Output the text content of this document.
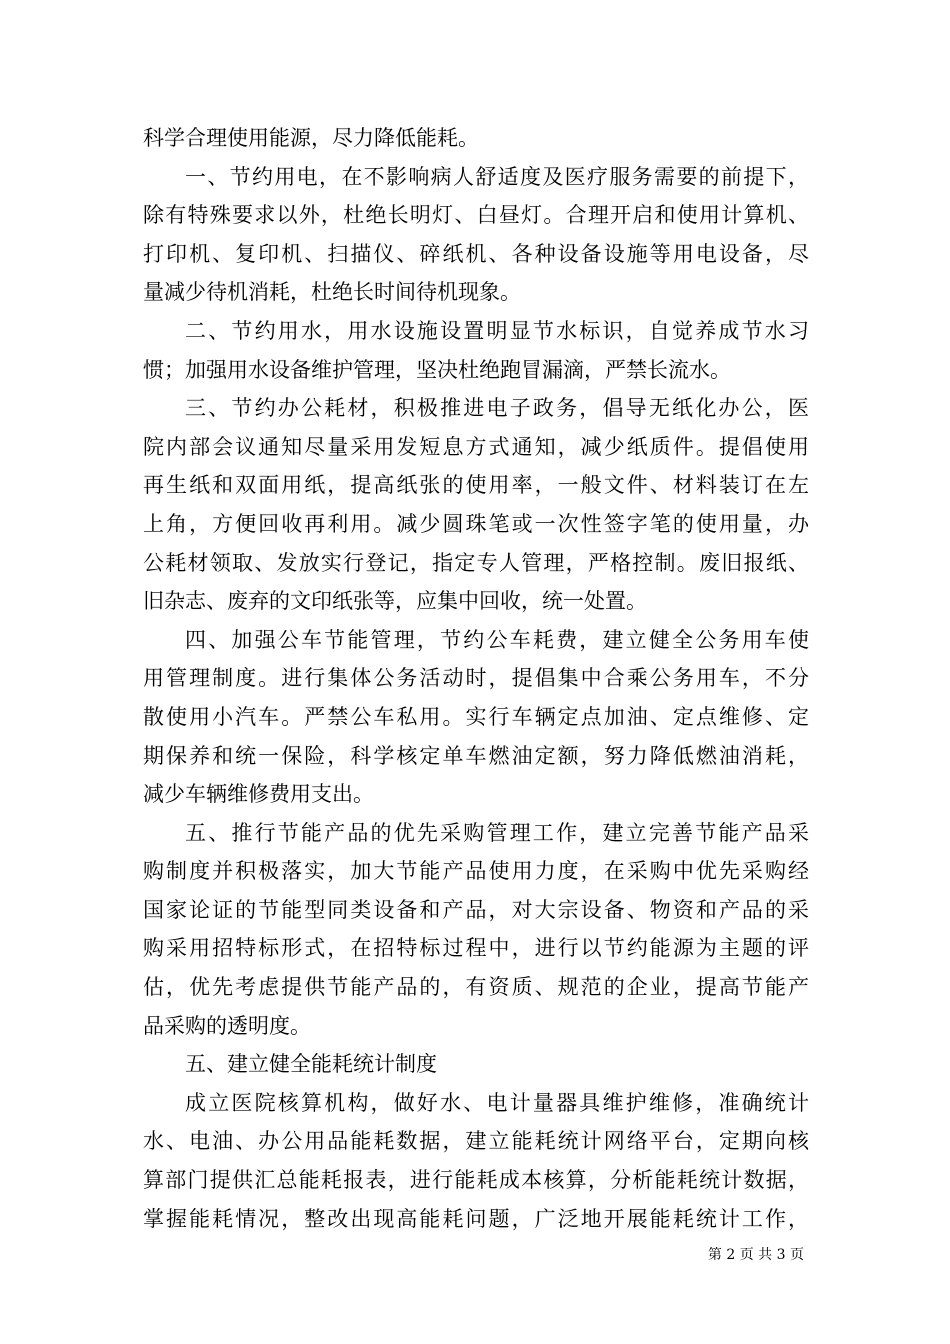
科学合理使用能源，尽力降低能耗。
一、节约用电，在不影响病人舒适度及医疗服务需要的前提下，
除有特殊要求以外，杜绝长明灯、白昼灯。合理开启和使用计算机、
打印机、复印机、扫描仪、碎纸机、各种设备设施等用电设备，尽
量减少待机消耗，杜绝长时间待机现象。
二、节约用水，用水设施设置明显节水标识，自觉养成节水习
惯；加强用水设备维护管理，坚决杜绝跑冒漏滴，严禁长流水。
三、节约办公耗材，积极推进电子政务，倡导无纸化办公，医
院内部会议通知尽量采用发短息方式通知，减少纸质件。提倡使用
再生纸和双面用纸，提高纸张的使用率，一般文件、材料装订在左
上角，方便回收再利用。减少圆珠笔或一次性签字笔的使用量，办
公耗材领取、发放实行登记，指定专人管理，严格控制。废旧报纸、
旧杂志、废弃的文印纸张等，应集中回收，统一处置。
四、加强公车节能管理，节约公车耗费，建立健全公务用车使
用管理制度。进行集体公务活动时，提倡集中合乘公务用车，不分
散使用小汽车。严禁公车私用。实行车辆定点加油、定点维修、定
期保养和统一保险，科学核定单车燃油定额，努力降低燃油消耗，
减少车辆维修费用支出。
五、推行节能产品的优先采购管理工作，建立完善节能产品采
购制度并积极落实，加大节能产品使用力度，在采购中优先采购经
国家论证的节能型同类设备和产品，对大宗设备、物资和产品的采
购采用招特标形式，在招特标过程中，进行以节约能源为主题的评
估，优先考虑提供节能产品的，有资质、规范的企业，提高节能产
品采购的透明度。
五、建立健全能耗统计制度
成立医院核算机构，做好水、电计量器具维护维修，准确统计
水、电油、办公用品能耗数据，建立能耗统计网络平台，定期向核
算部门提供汇总能耗报表，进行能耗成本核算，分析能耗统计数据，
掌握能耗情况，整改出现高能耗问题，广泛地开展能耗统计工作，
第 2 页 共 3 页
